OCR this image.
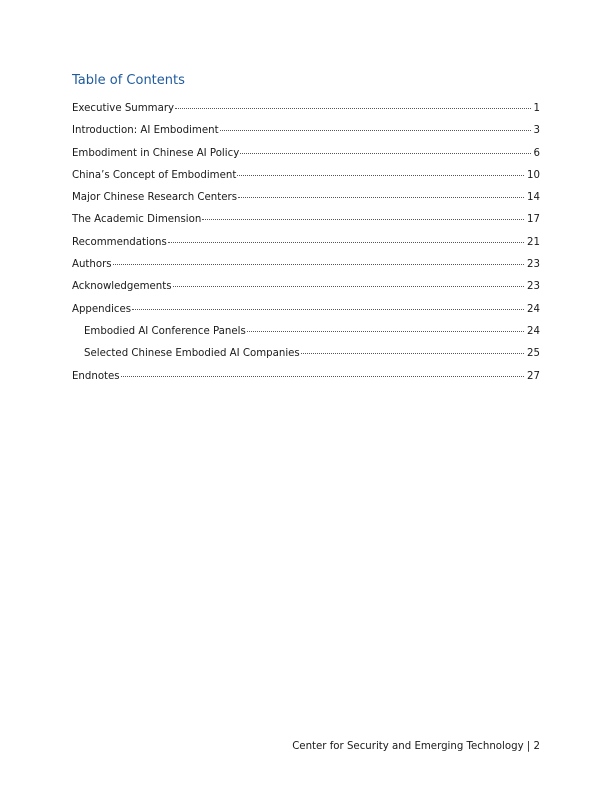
Table of Contents
Executive Summary	1
Introduction: AI Embodiment	3
Embodiment in Chinese AI Policy	6
China’s Concept of Embodiment	10
Major Chinese Research Centers	14
The Academic Dimension	17
Recommendations	21
Authors	23
Acknowledgements	23
Appendices	24
Embodied AI Conference Panels	24
Selected Chinese Embodied AI Companies	25
Endnotes	27
Center for Security and Emerging Technology | 2
